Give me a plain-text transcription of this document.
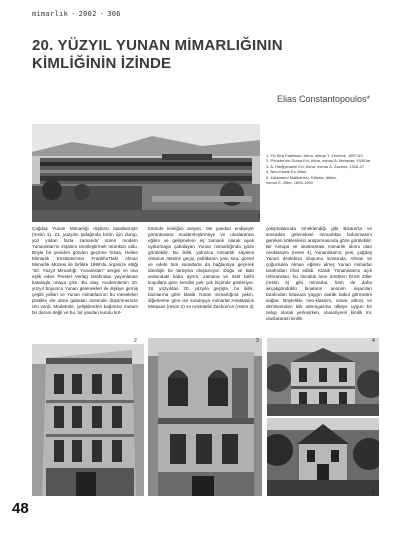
mimarlık · 2002 · 306
20. YÜZYIL YUNAN MİMARLIĞININ
KİMLİĞİNİN İZİNDE
Elias Constantopoulos*
1
1. Fix Bira Fabrikası, Atina, mimar T. Zenetos, 1957-63
2. Phoebe'nin Dorsa Evi, Atina, mimar A. Metaxas, 1930'lar
3. A. Hadjiyerachi Evi, Atina, mimar A. Zachos, 1926-27
4. Neo-Klasik Ev, Atina
5. Kalamaraı Malikanesi, Kifissia, Attika,
mimar E. Ziller, 1893-1900

Çağdaş Yunan Mimarlığı rüştünü ispatlamıştır (resim 1). 21. yüzyılın şafağında bizim için durup, yüz yıldan fazla zamandır süren modern Yunanistan'ın inşasını teorileştirmek mümkün oldu. Böyle bir yeniden gözden geçirme fırsatı, Hellen Mimarlık Enstitüsü'nün Frankfurt'taki Alman Mimarlık Müzesi ile birlikte 1999'da organize ettiği "20. Yüzyıl Mimarlığı: Yunanistan" sergisi ve ona eşlik eden Prestel Verlag tarafından yayımlanan katalogla ortaya çıktı. Bu olay, modernitenin 20. yüzyıl boyunca Yunan gelenekleri ile ilişkiye girmiş çeşitli yolları ve Yunan mimarlarının bu meseleleri pratikte ele alma gabaları üzerinde düşünmemize izin verdi. Modernite, çelişkilerden bağımsız mutum bir durum değil ve bu, bir yandan kurulu kül-

türünde kimliğini arayan, öte yandan endişeyle görüntüsünü modernleştirmeye ve uluslararası eğilim ve gelişmelere eş zamanlı olarak ayak uydurmaya çabalayan Yunan mimarlığında göze görülebilir. Bu ikilik, yalnızca mimarlık söylemi olmanın ötesine geçip, politikanın yanı sıra, görsel ve edebi tüm sanatlarla da bağlantıya geçerek ideolojik bir tartışma oluşturuyor. Doğu ve Batı arasındaki kaba ayrım, zamana ve özel tarihi koşullara göre kendini pek çok biçimde gösteriyor. 19. yüzyıldan 20. yüzyıla geçişte, bu ikilik, bazılarına göre klasik Yunan mimarlığına yakın, diğerlerine göre ise sıradışıya mimarlar Anastasios Metaxas (resim 2) ve Aristotelis Zachos'un (resim 3)

çalışmalarında örneklendiği gibi Bizans'ta ve sonradan geleneksel mimarlıkta bulunmasını gereken köklenlerin araştırmasında göze görülebilir. Bir Avrupa ve uluslararası mimarlık akımı olan neoklasizm (resim 4), Yunanistan'a; yeni, çağdaş Yunan devletinin oluşumu sırasında. Alman ve çoğunlukla Alman eğitimi almış Yunan mimarlar tarafından ithal edildi. Klasik Yunanistan'a açık referansları, bu öncülük hem ürettiren Ernst Ziller (resim 5) gibi mimarlar, hem de daha akçakgöndüklü binaların anonim inşacıları tarafından kılavuza yaygın olarak kabul görmesini sağlar. Böylelikle neo-klasizm, orava altmış ve derinlerinden klik almmgasına ülkeye uygun bir üslup olarak yerleşirken, ulusal/yerel kimlik mi, uluslararası kimlik

2	3	4
5
48
